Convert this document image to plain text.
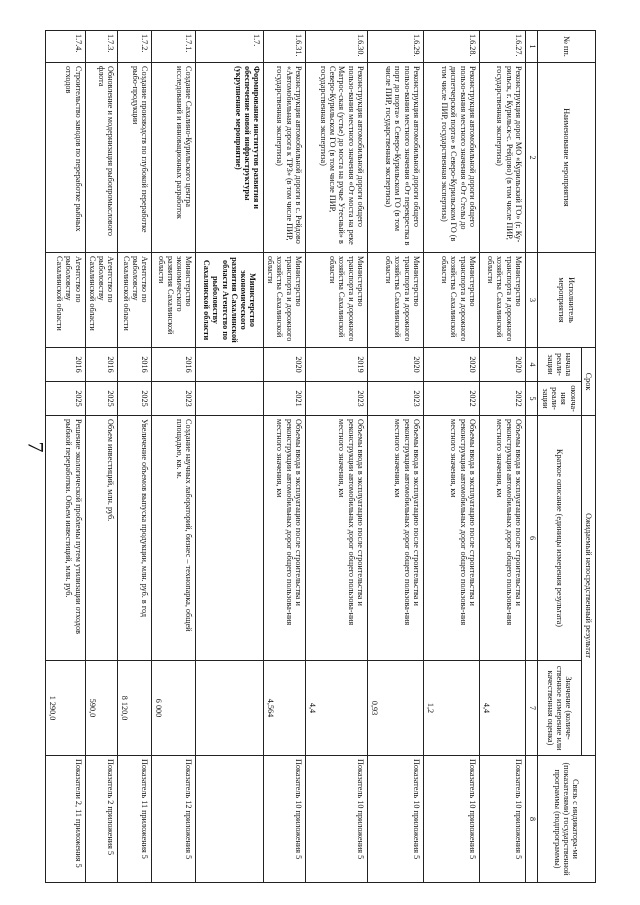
7
№ пп.	Наименование мероприятия	Исполнитель мероприятия	Срок		Ожидаемый непосредственный результат		Связь с индикатора-ми (показателями) государственной программы (подпрограммы)
			начала реали-зации	оконча-ния реали-зации	Краткое описание (единицы измерения результата)	Значение (количе-ственное измерение или качественная оценка)	
1	2	3	4	5	6	7	8
1.6.27.	Реконструкция дорог МО «Курильский ГО» (г. Ку-рильск, г. Курильск-с. Рейдово) (в том числе ПИР, государственная экспертиза)	Министерство транспорта и дорожного хозяйства Сахалинской области	2020	2022	Объемы ввода в эксплуатацию после строительства и реконструкции автомобильных дорог общего пользова-ния местного значения, км	4,4	Показатель 10 приложения 5
1.6.28.	Реконструкция автомобильной дороги общего пользо-вания местного значения «От Стелы до диспетчерской порта» в Северо-Курильском ГО (в том числе ПИР, государственная экспертиза)	Министерство транспорта и дорожного хозяйства Сахалинской области	2020	2022	Объемы ввода в эксплуатацию после строительства и реконструкции автомобильных дорог общего пользова-ния местного значения, км	1,2	Показатель 10 приложения 5
1.6.29.	Реконструкция автомобильной дороги общего пользо-вания местного значения «От перекрестка в порт до порта» в Северо-Курильском ГО (в том числе ПИР, государственная экспертиза)	Министерство транспорта и дорожного хозяйства Сахалинской области	2020	2023	Объемы ввода в эксплуатацию после строительства и реконструкции автомобильных дорог общего пользова-ния местного значения, км	0,93	Показатель 10 приложения 5
1.6.30.	Реконструкция автомобильной дороги общего пользо-вания местного значения «От моста на реке Матрос-ская (устье) до моста на ручье Утесный» в Северо-Курильском ГО (в том числе ПИР, государственная экспертиза)	Министерство транспорта и дорожного хозяйства Сахалинской области	2019	2023	Объемы ввода в эксплуатацию после строительства и реконструкции автомобильных дорог общего пользова-ния местного значения, км	4,4	Показатель 10 приложения 5
1.6.31.	Реконструкция автомобильной дороги в с. Рейдово «Автомобильная дорога к ТРЗ» (в том числе ПИР, государственная экспертиза)	Министерство транспорта и дорожного хозяйства Сахалинской области	2020	2021	Объемы ввода в эксплуатацию после строительства и реконструкции автомобильных дорог общего пользова-ния местного значения, км	4,564	Показатель 10 приложения 5
1.7.	Формирование институтов развития и обеспечение новой инфраструктуры (укрупненное мероприятие)	Министерство экономического развития Сахалинской области Агентство по рыболовству Сахалинской области					
1.7.1.	Создание Сахалино-Курильского центра исследований и инновационных разработок	Министерство экономического развития Сахалинской области	2016	2023	Создание научных лабораторий, бизнес – технопарка, общей площадью, кв. м.	6 000	Показатель 12 приложения 5
1.7.2.	Создание производств по глубокой переработке рыбо-продукции	Агентство по рыболовству Сахалинской области	2016	2025	Увеличение объемов выпуска продукции, млн. руб. в год	8 120,0	Показатель 11 приложения 5
1.7.3.	Обновление и модернизация рыбопромыслового флота	Агентство по рыболовству Сахалинской области	2016	2025	Объем инвестиций, млн. руб.	590,0	Показатель 2 приложения 5
1.7.4.	Строительство заводов по переработке рыбных отходов	Агентство по рыболовству Сахалинской области	2016	2025	Решение экологической проблемы путем утилизации отходов рыбной переработки. Объем инвестиций, млн. руб.	1 290,0	Показатели 2, 11 приложения 5
